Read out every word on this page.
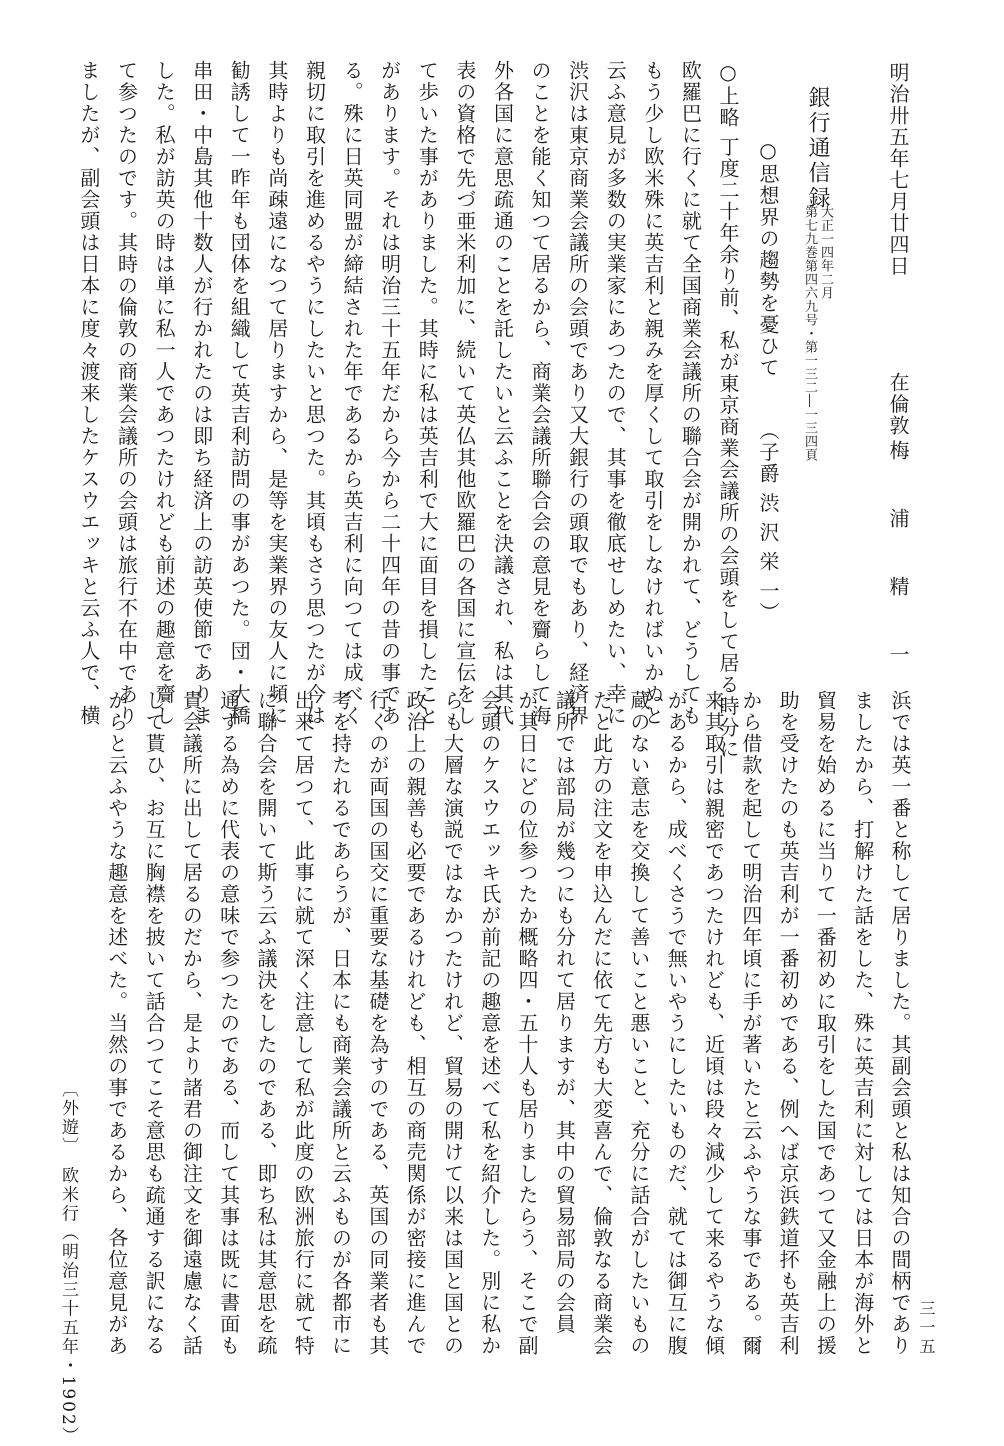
明治卅五年七月廿四日
在倫敦
梅　浦　精　一
銀行通信録
第七九巻第四六九号・第一三二―一三四頁 大正一四年二月
○思想界の趨勢を憂ひて
（子爵 渋 沢 栄 一）
○上略 丁度二十年余り前、私が東京商業会議所の会頭をして居る時分に
欧羅巴に行くに就て全国商業会議所の聯合会が開かれて、どうしても
もう少し欧米殊に英吉利と親みを厚くして取引をしなければいかぬと
云ふ意見が多数の実業家にあつたので、其事を徹底せしめたい、幸に
渋沢は東京商業会議所の会頭であり又大銀行の頭取でもあり、経済界
のことを能く知つて居るから、商業会議所聯合会の意見を齎らして海
外各国に意思疏通のことを託したいと云ふことを決議され、私は其代
表の資格で先づ亜米利加に、続いて英仏其他欧羅巴の各国に宣伝をし
て歩いた事がありました。其時に私は英吉利で大に面目を損したこと
があります。それは明治三十五年だから今から二十四年の昔の事であ
る。殊に日英同盟が締結された年であるから英吉利に向つては成べく
親切に取引を進めるやうにしたいと思つた。其頃もさう思つたが今は
其時よりも尚疎遠になつて居りますから、是等を実業界の友人に頻に
勧誘して一昨年も団体を組織して英吉利訪問の事があつた。団・大橋
串田・中島其他十数人が行かれたのは即ち経済上の訪英使節でありま
した。私が訪英の時は単に私一人であつたけれども前述の趣意を齎し
て参つたのです。其時の倫敦の商業会議所の会頭は旅行不在中であり
ましたが、副会頭は日本に度々渡来したケスウエッキと云ふ人で、横
浜では英一番と称して居りました。其副会頭と私は知合の間柄であり
ましたから、打解けた話をした、殊に英吉利に対しては日本が海外と
貿易を始めるに当りて一番初めに取引をした国であつて又金融上の援
助を受けたのも英吉利が一番初めである、例へば京浜鉄道抔も英吉利
から借款を起して明治四年頃に手が著いたと云ふやうな事である。爾
来其取引は親密であつたけれども、近頃は段々減少して来るやうな傾
があるから、成べくさうで無いやうにしたいものだ、就ては御互に腹
蔵のない意志を交換して善いこと悪いこと、充分に話合がしたいもの
だと此方の注文を申込んだに依て先方も大変喜んで、倫敦なる商業会
議所では部局が幾つにも分れて居りますが、其中の貿易部局の会員
が其日にどの位参つたか概略四・五十人も居りましたらう、そこで副
会頭のケスウエッキ氏が前記の趣意を述べて私を紹介した。別に私か
らも大層な演説ではなかつたけれど、貿易の開けて以来は国と国との
政治上の親善も必要であるけれども、相互の商売関係が密接に進んで
行くのが両国の国交に重要な基礎を為すのである、英国の同業者も其
考を持たれるであらうが、日本にも商業会議所と云ふものが各都市に
出来て居つて、此事に就て深く注意して私が此度の欧洲旅行に就て特
に聯合会を開いて斯う云ふ議決をしたのである、即ち私は其意思を疏
通する為めに代表の意味で参つたのである、而して其事は既に書面も
貴会議所に出して居るのだから、是より諸君の御注文を御遠慮なく話
して貰ひ、お互に胸襟を披いて話合つてこそ意思も疏通する訳になる
からと云ふやうな趣意を述べた。当然の事であるから、各位意見があ
〔外遊〕　欧米行（明治三十五年・1902）	三一五
